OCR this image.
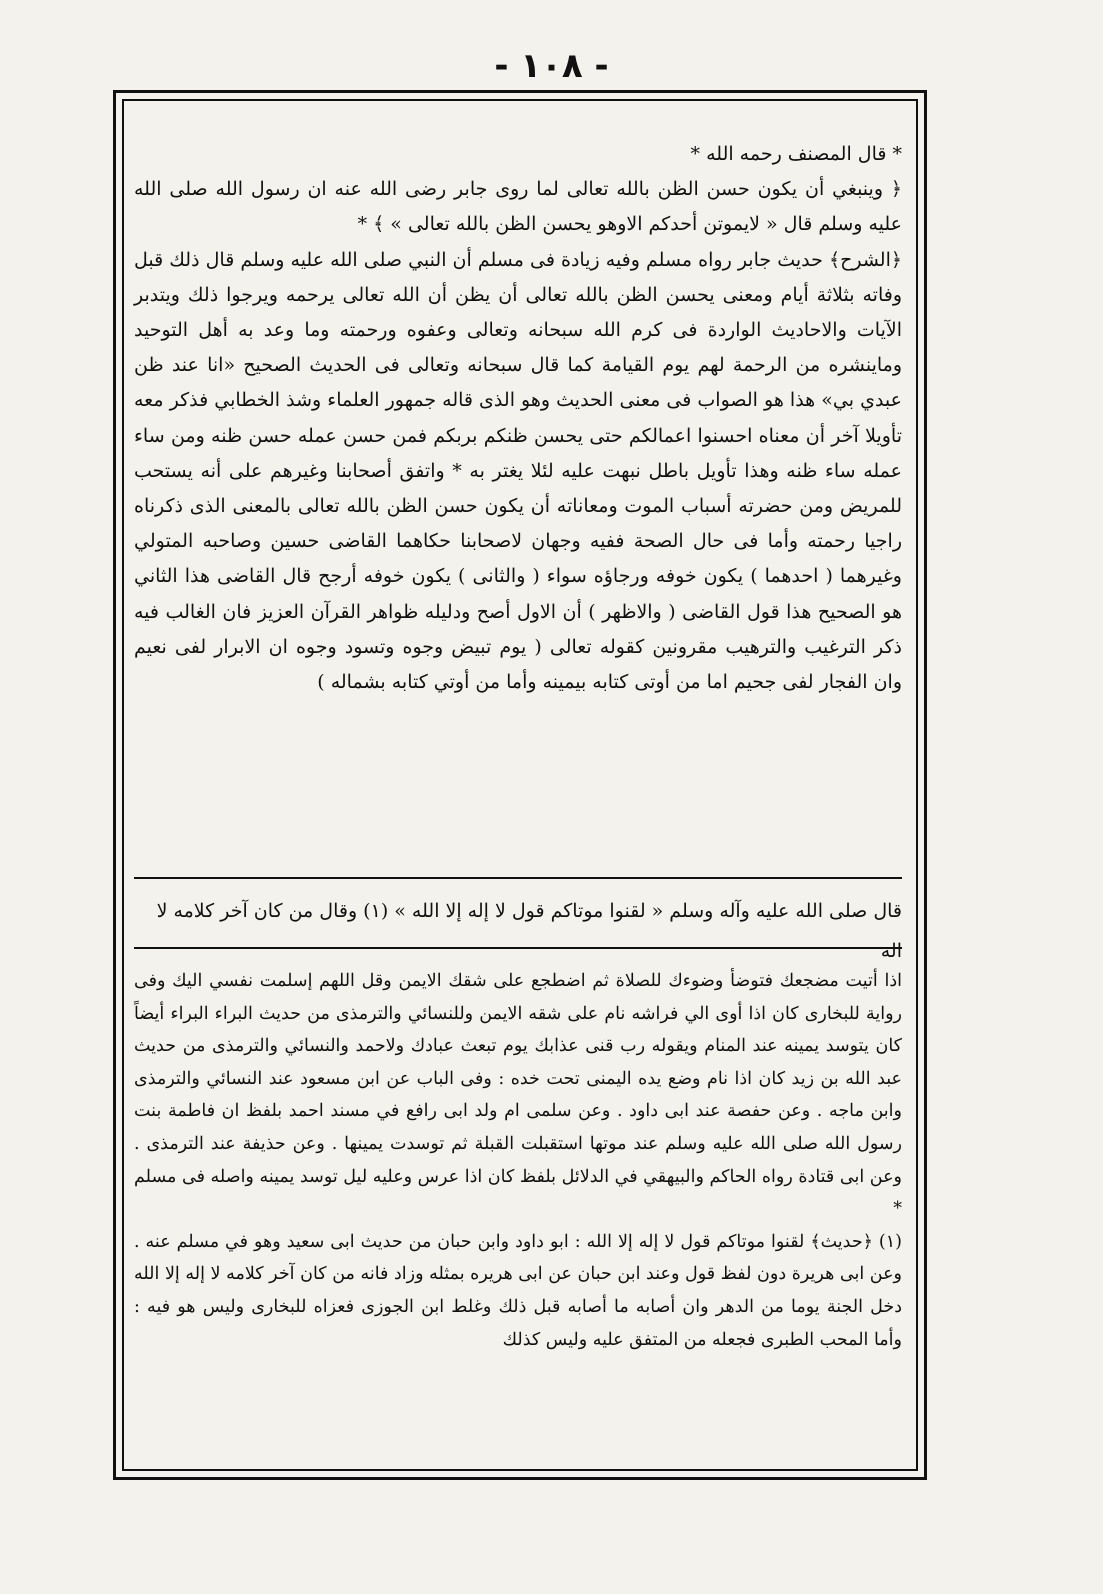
- ١٠٨ -

* قال المصنف رحمه الله *

﴿ وينبغي أن يكون حسن الظن بالله تعالى لما روى جابر رضى الله عنه ان رسول الله صلى الله عليه وسلم قال « لايموتن أحدكم الاوهو يحسن الظن بالله تعالى » ﴾ *

﴿الشرح﴾ حديث جابر رواه مسلم وفيه زيادة فى مسلم أن النبي صلى الله عليه وسلم قال ذلك قبل وفاته بثلاثة أيام ومعنى يحسن الظن بالله تعالى أن يظن أن الله تعالى يرحمه ويرجوا ذلك ويتدبر الآيات والاحاديث الواردة فى كرم الله سبحانه وتعالى وعفوه ورحمته وما وعد به أهل التوحيد وماينشره من الرحمة لهم يوم القيامة كما قال سبحانه وتعالى فى الحديث الصحيح «انا عند ظن عبدي بي» هذا هو الصواب فى معنى الحديث وهو الذى قاله جمهور العلماء وشذ الخطابي فذكر معه تأويلا آخر أن معناه احسنوا اعمالكم حتى يحسن ظنكم بربكم فمن حسن عمله حسن ظنه ومن ساء عمله ساء ظنه وهذا تأويل باطل نبهت عليه لئلا يغتر به * واتفق أصحابنا وغيرهم على أنه يستحب للمريض ومن حضرته أسباب الموت ومعاناته أن يكون حسن الظن بالله تعالى بالمعنى الذى ذكرناه راجيا رحمته وأما فى حال الصحة ففيه وجهان لاصحابنا حكاهما القاضى حسين وصاحبه المتولي وغيرهما ( احدهما ) يكون خوفه ورجاؤه سواء ( والثانى ) يكون خوفه أرجح قال القاضى هذا الثاني هو الصحيح هذا قول القاضى ( والاظهر ) أن الاول أصح ودليله ظواهر القرآن العزيز فان الغالب فيه ذكر الترغيب والترهيب مقرونين كقوله تعالى ( يوم تبيض وجوه وتسود وجوه ان الابرار لفى نعيم وان الفجار لفى جحيم اما من أوتى كتابه بيمينه وأما من أوتي كتابه بشماله )

قال صلى الله عليه وآله وسلم « لقنوا موتاكم قول لا إله إلا الله » (١) وقال من كان آخر كلامه لا اله

اذا أتيت مضجعك فتوضأ وضوءك للصلاة ثم اضطجع على شقك الايمن وقل اللهم إسلمت نفسي اليك وفى رواية للبخارى كان اذا أوى الي فراشه نام على شقه الايمن وللنسائي والترمذى من حديث البراء البراء أيضاً كان يتوسد يمينه عند المنام ويقوله رب قنى عذابك يوم تبعث عبادك ولاحمد والنسائي والترمذى من حديث عبد الله بن زيد كان اذا نام وضع يده اليمنى تحت خده : وفى الباب عن ابن مسعود عند النسائي والترمذى وابن ماجه . وعن حفصة عند ابى داود . وعن سلمى ام ولد ابى رافع في مسند احمد بلفظ ان فاطمة بنت رسول الله صلى الله عليه وسلم عند موتها استقبلت القبلة ثم توسدت يمينها . وعن حذيفة عند الترمذى . وعن ابى قتادة رواه الحاكم والبيهقي في الدلائل بلفظ كان اذا عرس وعليه ليل توسد يمينه واصله فى مسلم *

(١) ﴿حديث﴾ لقنوا موتاكم قول لا إله إلا الله : ابو داود وابن حبان من حديث ابى سعيد وهو في مسلم عنه . وعن ابى هريرة دون لفظ قول وعند ابن حبان عن ابى هريره بمثله وزاد فانه من كان آخر كلامه لا إله إلا الله دخل الجنة يوما من الدهر وان أصابه ما أصابه قبل ذلك وغلط ابن الجوزى فعزاه للبخارى وليس هو فيه : وأما المحب الطبرى فجعله من المتفق عليه وليس كذلك
